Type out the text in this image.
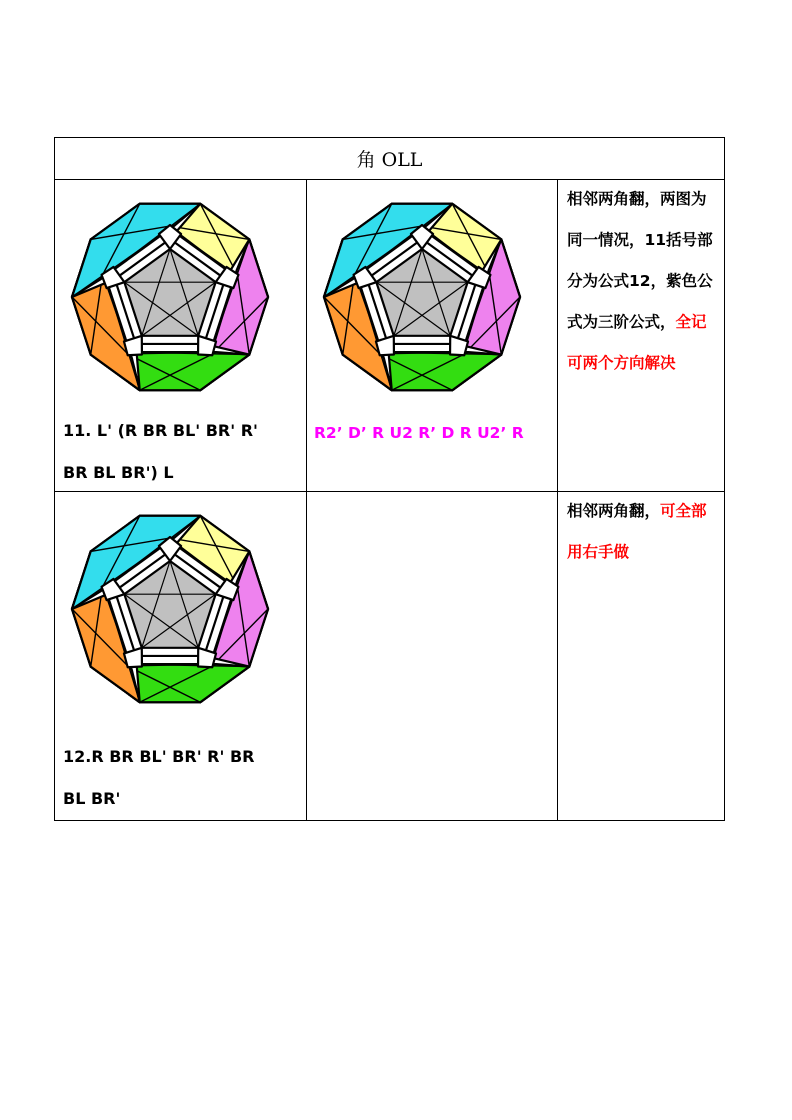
角 OLL		

11. L' (R BR BL' BR' R'
BR BL BR') L	R2’ D’ R U2 R’ D R U2’ R	相邻两角翻，两图为同一情况，11括号部分为公式12，紫色公式为三阶公式，全记可两个方向解决

12.R BR BL' BR' R' BR
BL BR'		相邻两角翻，可全部用右手做
